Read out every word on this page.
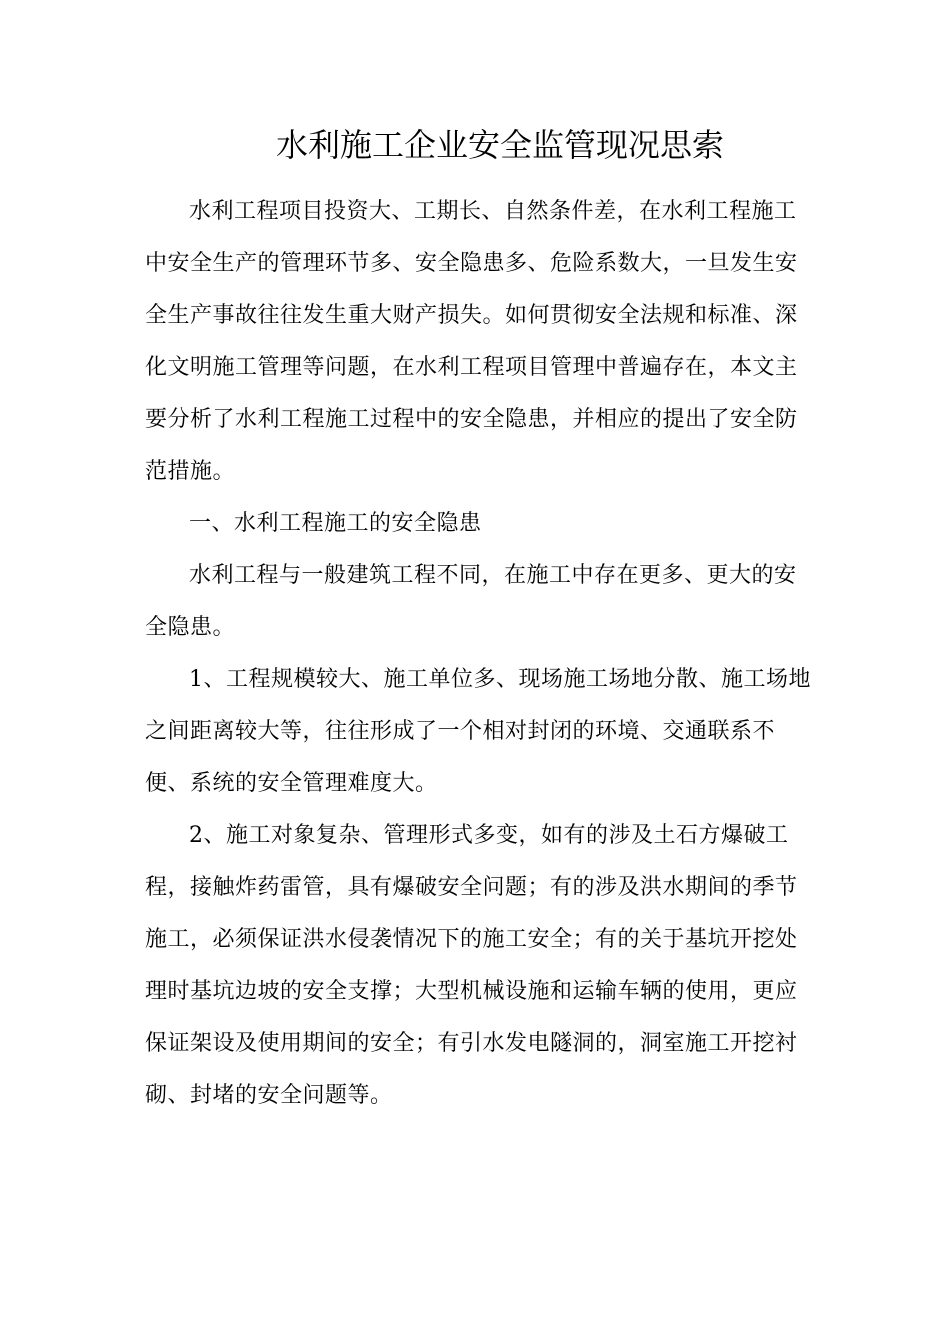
水利施工企业安全监管现况思索
水利工程项目投资大、工期长、自然条件差，在水利工程施工
中安全生产的管理环节多、安全隐患多、危险系数大，一旦发生安
全生产事故往往发生重大财产损失。如何贯彻安全法规和标准、深
化文明施工管理等问题，在水利工程项目管理中普遍存在，本文主
要分析了水利工程施工过程中的安全隐患，并相应的提出了安全防
范措施。
一、水利工程施工的安全隐患
水利工程与一般建筑工程不同，在施工中存在更多、更大的安
全隐患。
1、工程规模较大、施工单位多、现场施工场地分散、施工场地
之间距离较大等，往往形成了一个相对封闭的环境、交通联系不
便、系统的安全管理难度大。
2、施工对象复杂、管理形式多变，如有的涉及土石方爆破工
程，接触炸药雷管，具有爆破安全问题；有的涉及洪水期间的季节
施工，必须保证洪水侵袭情况下的施工安全；有的关于基坑开挖处
理时基坑边坡的安全支撑；大型机械设施和运输车辆的使用，更应
保证架设及使用期间的安全；有引水发电隧洞的，洞室施工开挖衬
砌、封堵的安全问题等。
